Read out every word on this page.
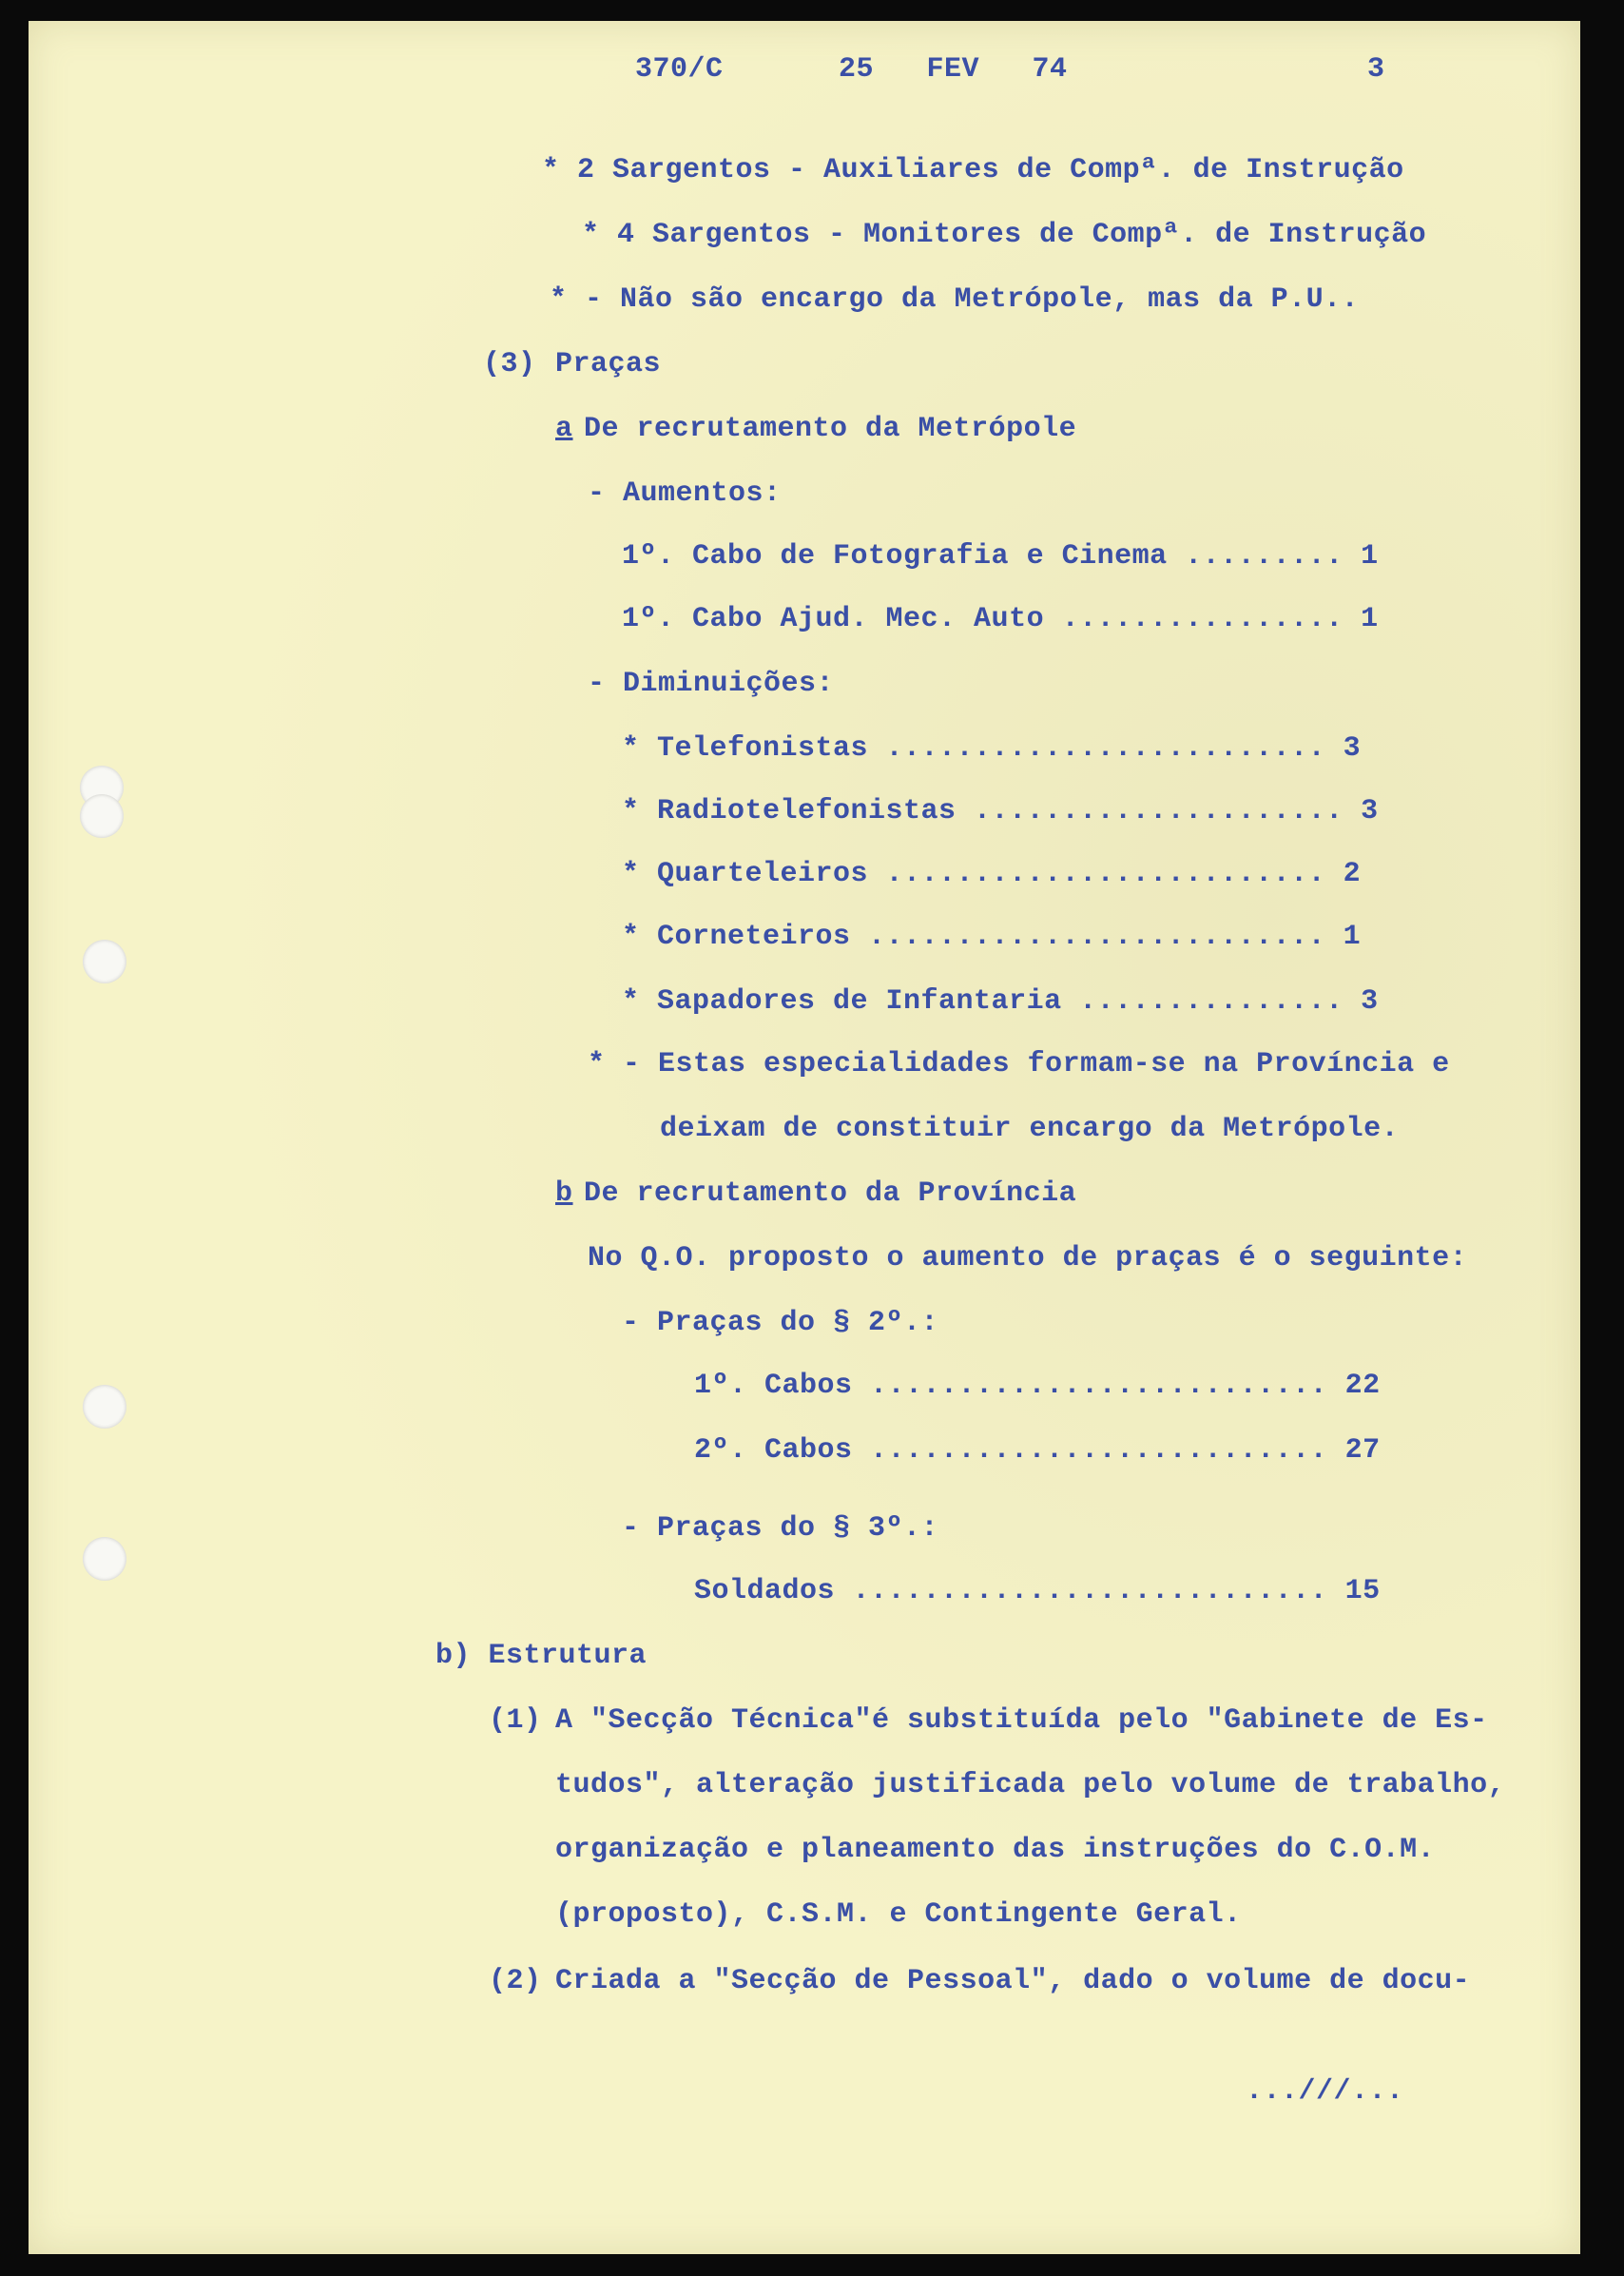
370/C	25   FEV   74	3
* 2 Sargentos - Auxiliares de Compª. de Instrução
* 4 Sargentos - Monitores de Compª. de Instrução
* - Não são encargo da Metrópole, mas da P.U..
(3) Praças
a De recrutamento da Metrópole
- Aumentos:
1º. Cabo de Fotografia e Cinema ......... 1
1º. Cabo Ajud. Mec. Auto ................ 1
- Diminuições:
* Telefonistas ......................... 3
* Radiotelefonistas ..................... 3
* Quarteleiros ......................... 2
* Corneteiros .......................... 1
* Sapadores de Infantaria ............... 3
* - Estas especialidades formam-se na Província e
deixam de constituir encargo da Metrópole.
b De recrutamento da Província
No Q.O. proposto o aumento de praças é o seguinte:
- Praças do § 2º.:
1º. Cabos .......................... 22
2º. Cabos .......................... 27
- Praças do § 3º.:
Soldados ........................... 15
b) Estrutura
(1) A "Secção Técnica"é substituída pelo "Gabinete de Es-
tudos", alteração justificada pelo volume de trabalho,
organização e planeamento das instruções do C.O.M.
(proposto), C.S.M. e Contingente Geral.
(2) Criada a "Secção de Pessoal", dado o volume de docu-
...///...
